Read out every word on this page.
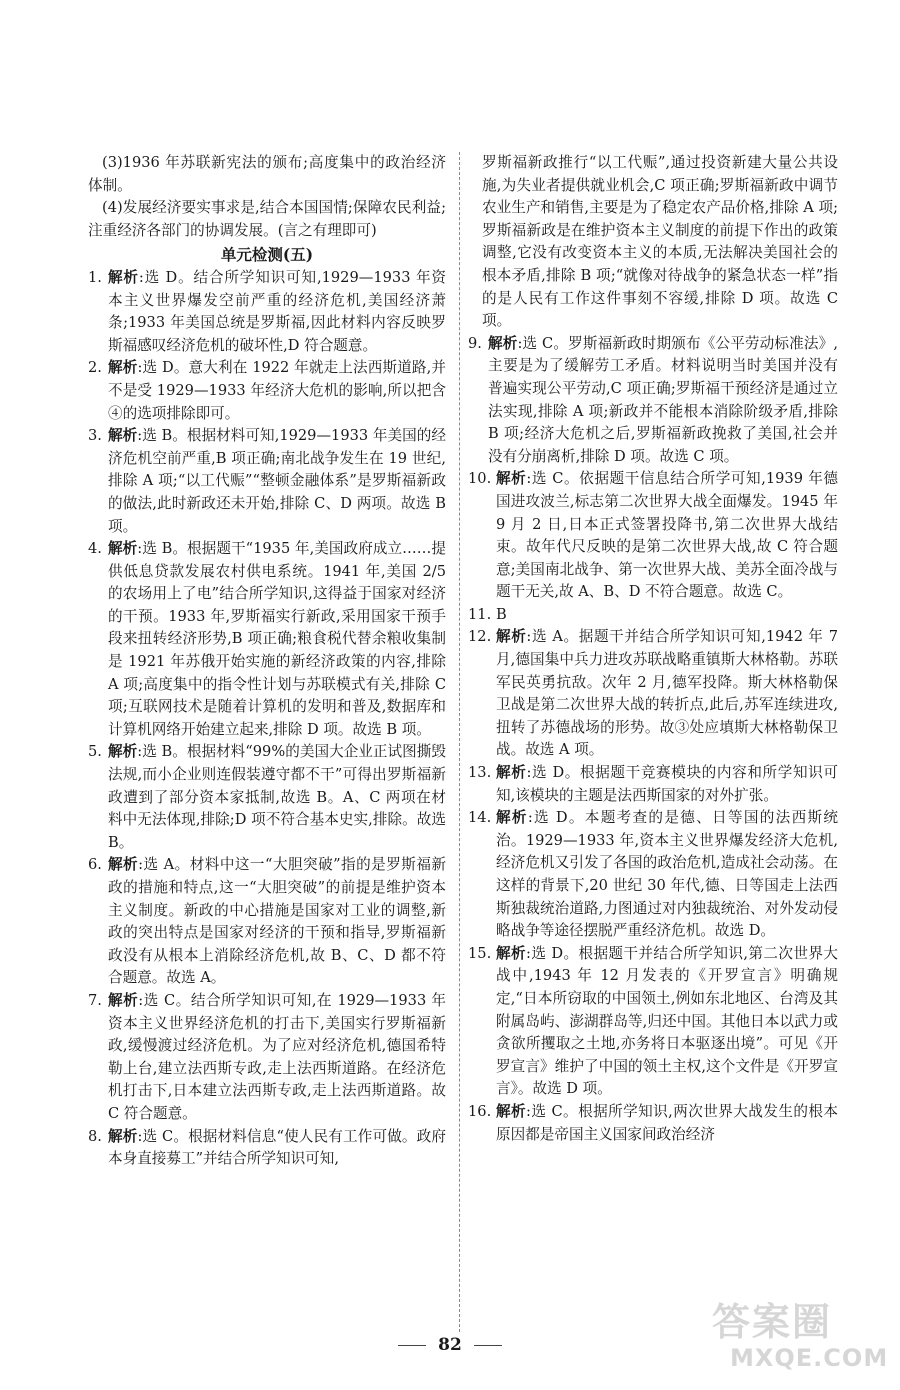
(3)1936 年苏联新宪法的颁布;高度集中的政治经济体制。

(4)发展经济要实事求是,结合本国国情;保障农民利益;注重经济各部门的协调发展。(言之有理即可)

单元检测(五)

1. 解析:选 D。结合所学知识可知,1929—1933 年资本主义世界爆发空前严重的经济危机,美国经济萧条;1933 年美国总统是罗斯福,因此材料内容反映罗斯福感叹经济危机的破坏性,D 符合题意。
2. 解析:选 D。意大利在 1922 年就走上法西斯道路,并不是受 1929—1933 年经济大危机的影响,所以把含④的选项排除即可。
3. 解析:选 B。根据材料可知,1929—1933 年美国的经济危机空前严重,B 项正确;南北战争发生在 19 世纪,排除 A 项;“以工代赈”“整顿金融体系”是罗斯福新政的做法,此时新政还未开始,排除 C、D 两项。故选 B 项。
4. 解析:选 B。根据题干“1935 年,美国政府成立……提供低息贷款发展农村供电系统。1941 年,美国 2/5 的农场用上了电”结合所学知识,这得益于国家对经济的干预。1933 年,罗斯福实行新政,采用国家干预手段来扭转经济形势,B 项正确;粮食税代替余粮收集制是 1921 年苏俄开始实施的新经济政策的内容,排除 A 项;高度集中的指令性计划与苏联模式有关,排除 C 项;互联网技术是随着计算机的发明和普及,数据库和计算机网络开始建立起来,排除 D 项。故选 B 项。
5. 解析:选 B。根据材料“99%的美国大企业正试图撕毁法规,而小企业则连假装遵守都不干”可得出罗斯福新政遭到了部分资本家抵制,故选 B。A、C 两项在材料中无法体现,排除;D 项不符合基本史实,排除。故选 B。
6. 解析:选 A。材料中这一“大胆突破”指的是罗斯福新政的措施和特点,这一“大胆突破”的前提是维护资本主义制度。新政的中心措施是国家对工业的调整,新政的突出特点是国家对经济的干预和指导,罗斯福新政没有从根本上消除经济危机,故 B、C、D 都不符合题意。故选 A。
7. 解析:选 C。结合所学知识可知,在 1929—1933 年资本主义世界经济危机的打击下,美国实行罗斯福新政,缓慢渡过经济危机。为了应对经济危机,德国希特勒上台,建立法西斯专政,走上法西斯道路。在经济危机打击下,日本建立法西斯专政,走上法西斯道路。故 C 符合题意。
8. 解析:选 C。根据材料信息“使人民有工作可做。政府本身直接募工”并结合所学知识可知,

罗斯福新政推行“以工代赈”,通过投资新建大量公共设施,为失业者提供就业机会,C 项正确;罗斯福新政中调节农业生产和销售,主要是为了稳定农产品价格,排除 A 项;罗斯福新政是在维护资本主义制度的前提下作出的政策调整,它没有改变资本主义的本质,无法解决美国社会的根本矛盾,排除 B 项;“就像对待战争的紧急状态一样”指的是人民有工作这件事刻不容缓,排除 D 项。故选 C 项。

9. 解析:选 C。罗斯福新政时期颁布《公平劳动标准法》,主要是为了缓解劳工矛盾。材料说明当时美国并没有普遍实现公平劳动,C 项正确;罗斯福干预经济是通过立法实现,排除 A 项;新政并不能根本消除阶级矛盾,排除 B 项;经济大危机之后,罗斯福新政挽救了美国,社会并没有分崩离析,排除 D 项。故选 C 项。
10. 解析:选 C。依据题干信息结合所学可知,1939 年德国进攻波兰,标志第二次世界大战全面爆发。1945 年 9 月 2 日,日本正式签署投降书,第二次世界大战结束。故年代尺反映的是第二次世界大战,故 C 符合题意;美国南北战争、第一次世界大战、美苏全面冷战与题干无关,故 A、B、D 不符合题意。故选 C。
11. B
12. 解析:选 A。据题干并结合所学知识可知,1942 年 7 月,德国集中兵力进攻苏联战略重镇斯大林格勒。苏联军民英勇抗敌。次年 2 月,德军投降。斯大林格勒保卫战是第二次世界大战的转折点,此后,苏军连续进攻,扭转了苏德战场的形势。故③处应填斯大林格勒保卫战。故选 A 项。
13. 解析:选 D。根据题干竞赛模块的内容和所学知识可知,该模块的主题是法西斯国家的对外扩张。
14. 解析:选 D。本题考查的是德、日等国的法西斯统治。1929—1933 年,资本主义世界爆发经济大危机,经济危机又引发了各国的政治危机,造成社会动荡。在这样的背景下,20 世纪 30 年代,德、日等国走上法西斯独裁统治道路,力图通过对内独裁统治、对外发动侵略战争等途径摆脱严重经济危机。故选 D。
15. 解析:选 D。根据题干并结合所学知识,第二次世界大战中,1943 年 12 月发表的《开罗宣言》明确规定,“日本所窃取的中国领土,例如东北地区、台湾及其附属岛屿、澎湖群岛等,归还中国。其他日本以武力或贪欲所攫取之土地,亦务将日本驱逐出境”。可见《开罗宣言》维护了中国的领土主权,这个文件是《开罗宣言》。故选 D 项。
16. 解析:选 C。根据所学知识,两次世界大战发生的根本原因都是帝国主义国家间政治经济
82
答案圈
MXQE.COM
